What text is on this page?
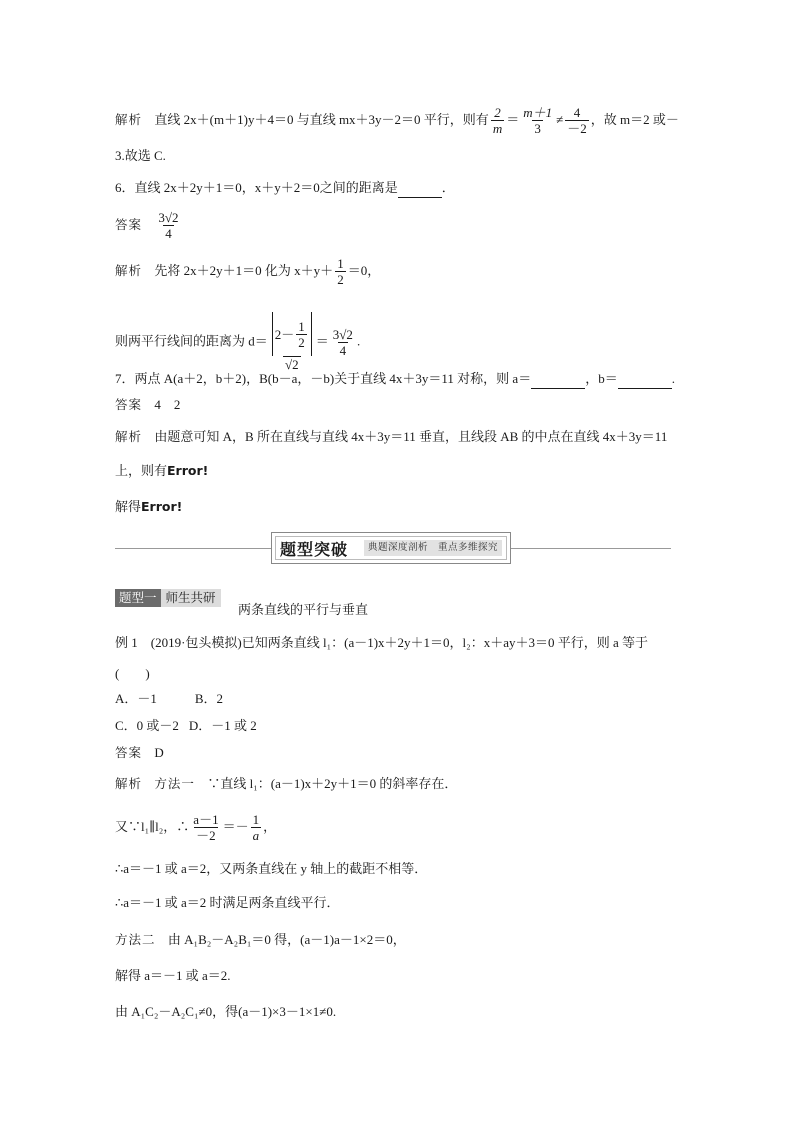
解析 直线 2x＋(m＋1)y＋4＝0 与直线 mx＋3y－2＝0 平行，则有 $\frac{2}{m} = \frac{m+1}{3} \ne \frac{4}{-2}$ ，故 m＝2 或－
3.故选 C.
6．直线 2x＋2y＋1＝0，x＋y＋2＝0之间的距离是	．
答案 $\frac{3√2}{4}$
解析 先将 2x＋2y＋1＝0 化为 $x+y+ \frac{1}{2} =0$，
则两平行线间的距离为 $d= \frac{2- \frac{1}{2}}{√2} = \frac{3√2}{4}$ .
7．两点 A(a＋2，b＋2)，B(b－a，－b)关于直线 4x＋3y＝11 对称，则 a＝	，b＝	.
答案 4　2
解析 由题意可知 A，B 所在直线与直线 4x＋3y＝11 垂直，且线段 AB 的中点在直线 4x＋3y＝11
上，则有Error!
解得Error!
题型突破	典题深度剖析　重点多维探究
题型一 师生共研
两条直线的平行与垂直
例 1　(2019·包头模拟)已知两条直线 l₁：(a－1)x＋2y＋1＝0，l₂：x＋ay＋3＝0 平行，则 a 等于
(　　)
A．－1	B．2
C．0 或－2 D．－1 或 2
答案 D
解析 方法一 ∵直线 l₁：(a－1)x＋2y＋1＝0 的斜率存在．
又∵l₁∥l₂，∴ $\frac{a-1}{-2} =- \frac{1}{a}$ ，
∴a＝－1 或 a＝2，又两条直线在 y 轴上的截距不相等．
∴a＝－1 或 a＝2 时满足两条直线平行．
方法二 由 A₁B₂－A₂B₁＝0 得，(a－1)a－1×2＝0，
解得 a＝－1 或 a＝2.
由 A₁C₂－A₂C₁≠0，得(a－1)×3－1×1≠0.
